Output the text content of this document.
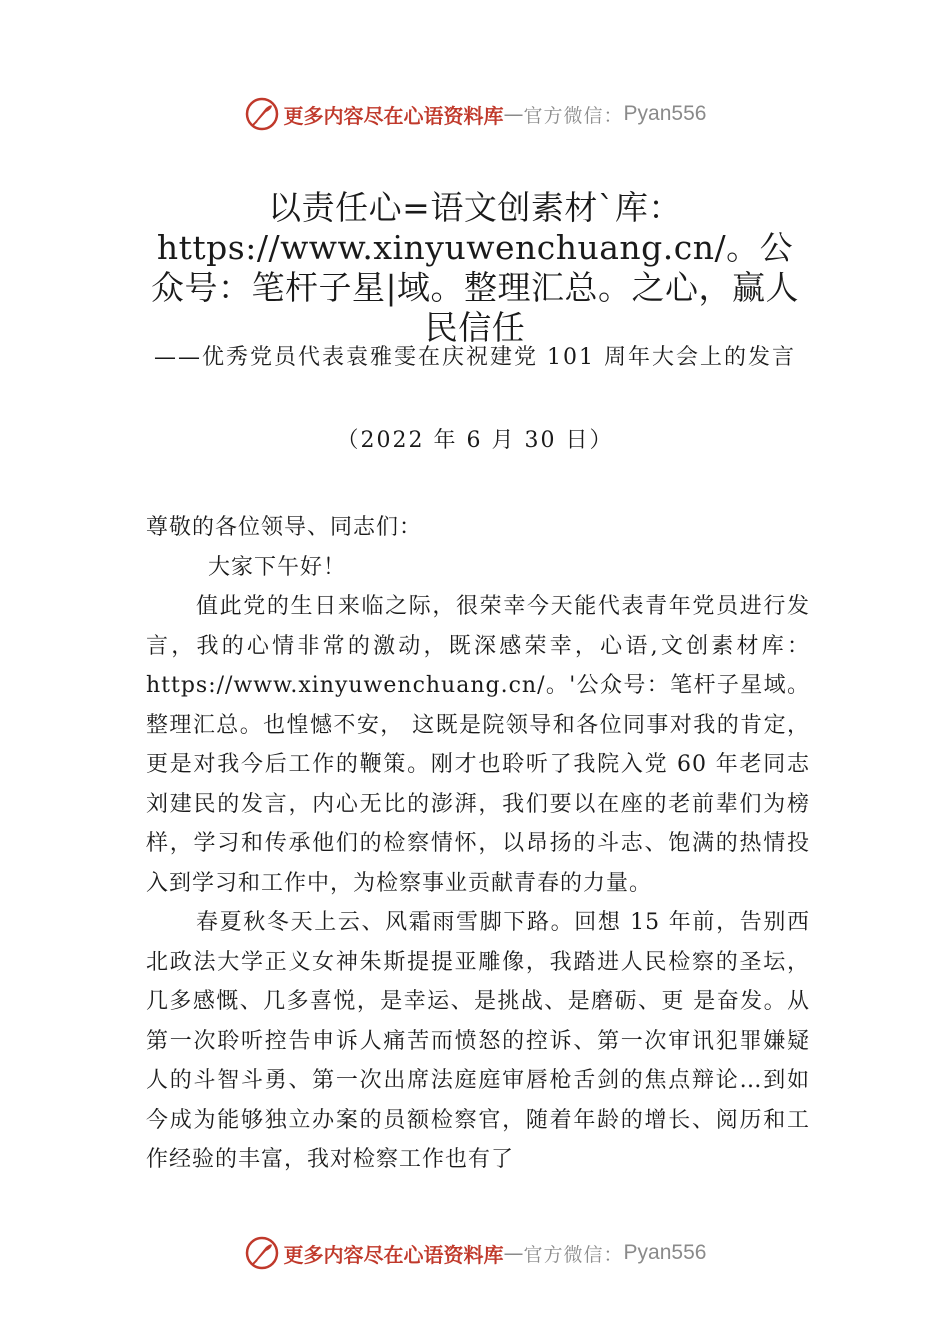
更多内容尽在心语资料库 — 官方微信： Pyan556
以责任心=语文创素材`库：https://www.xinyuwenchuang.cn/。公众号：笔杆子星|域。整理汇总。之心，赢人民信任
——优秀党员代表袁雅雯在庆祝建党 101 周年大会上的发言
（2022 年 6 月 30 日）

尊敬的各位领导、同志们：

大家下午好！

值此党的生日来临之际，很荣幸今天能代表青年党员进行发言，我的心情非常的激动，既深感荣幸，心语,文创素材库：https://www.xinyuwenchuang.cn/。'公众号：笔杆子星域。整理汇总。也惶憾不安， 这既是院领导和各位同事对我的肯定，更是对我今后工作的鞭策。刚才也聆听了我院入党 60 年老同志刘建民的发言，内心无比的澎湃，我们要以在座的老前辈们为榜样，学习和传承他们的检察情怀，以昂扬的斗志、饱满的热情投入到学习和工作中，为检察事业贡献青春的力量。

春夏秋冬天上云、风霜雨雪脚下路。回想 15 年前，告别西北政法大学正义女神朱斯提提亚雕像，我踏进人民检察的圣坛，几多感慨、几多喜悦，是幸运、是挑战、是磨砺、更 是奋发。从第一次聆听控告申诉人痛苦而愤怒的控诉、第一次审讯犯罪嫌疑人的斗智斗勇、第一次出席法庭庭审唇枪舌剑的焦点辩论…到如今成为能够独立办案的员额检察官，随着年龄的增长、阅历和工作经验的丰富，我对检察工作也有了

更多内容尽在心语资料库 — 官方微信： Pyan556
